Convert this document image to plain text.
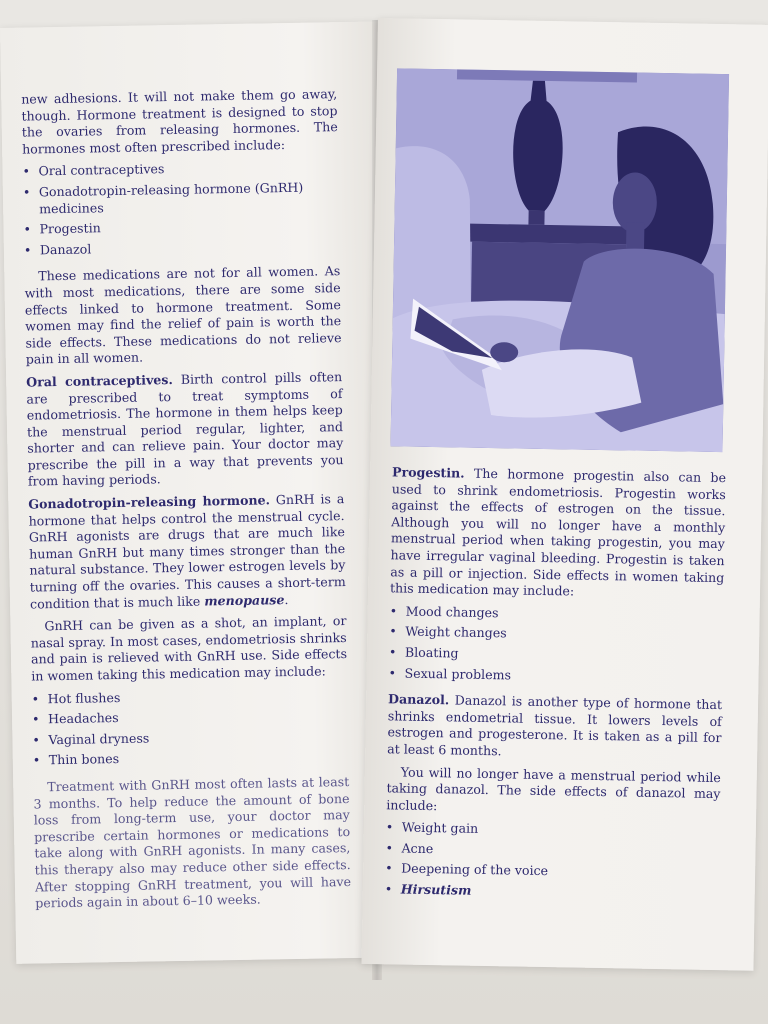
new adhesions. It will not make them go away, though. Hormone treatment is designed to stop the ovaries from releasing hormones. The hormones most often prescribed include:

• Oral contraceptives
• Gonadotropin-releasing hormone (GnRH) medicines
• Progestin
• Danazol

These medications are not for all women. As with most medications, there are some side effects linked to hormone treatment. Some women may find the relief of pain is worth the side effects. These medications do not relieve pain in all women.

Oral contraceptives. Birth control pills often are prescribed to treat symptoms of endometriosis. The hormone in them helps keep the menstrual period regular, lighter, and shorter and can relieve pain. Your doctor may prescribe the pill in a way that prevents you from having periods.

Gonadotropin-releasing hormone. GnRH is a hormone that helps control the menstrual cycle. GnRH agonists are drugs that are much like human GnRH but many times stronger than the natural substance. They lower estrogen levels by turning off the ovaries. This causes a short-term condition that is much like menopause.

GnRH can be given as a shot, an implant, or nasal spray. In most cases, endometriosis shrinks and pain is relieved with GnRH use. Side effects in women taking this medication may include:

• Hot flushes
• Headaches
• Vaginal dryness
• Thin bones

Treatment with GnRH most often lasts at least 3 months. To help reduce the amount of bone loss from long-term use, your doctor may prescribe certain hormones or medications to take along with GnRH agonists. In many cases, this therapy also may reduce other side effects. After stopping GnRH treatment, you will have periods again in about 6–10 weeks.

Progestin. The hormone progestin also can be used to shrink endometriosis. Progestin works against the effects of estrogen on the tissue. Although you will no longer have a monthly menstrual period when taking progestin, you may have irregular vaginal bleeding. Progestin is taken as a pill or injection. Side effects in women taking this medication may include:

• Mood changes
• Weight changes
• Bloating
• Sexual problems

Danazol. Danazol is another type of hormone that shrinks endometrial tissue. It lowers levels of estrogen and progesterone. It is taken as a pill for at least 6 months.

You will no longer have a menstrual period while taking danazol. The side effects of danazol may include:

• Weight gain
• Acne
• Deepening of the voice
• Hirsutism
